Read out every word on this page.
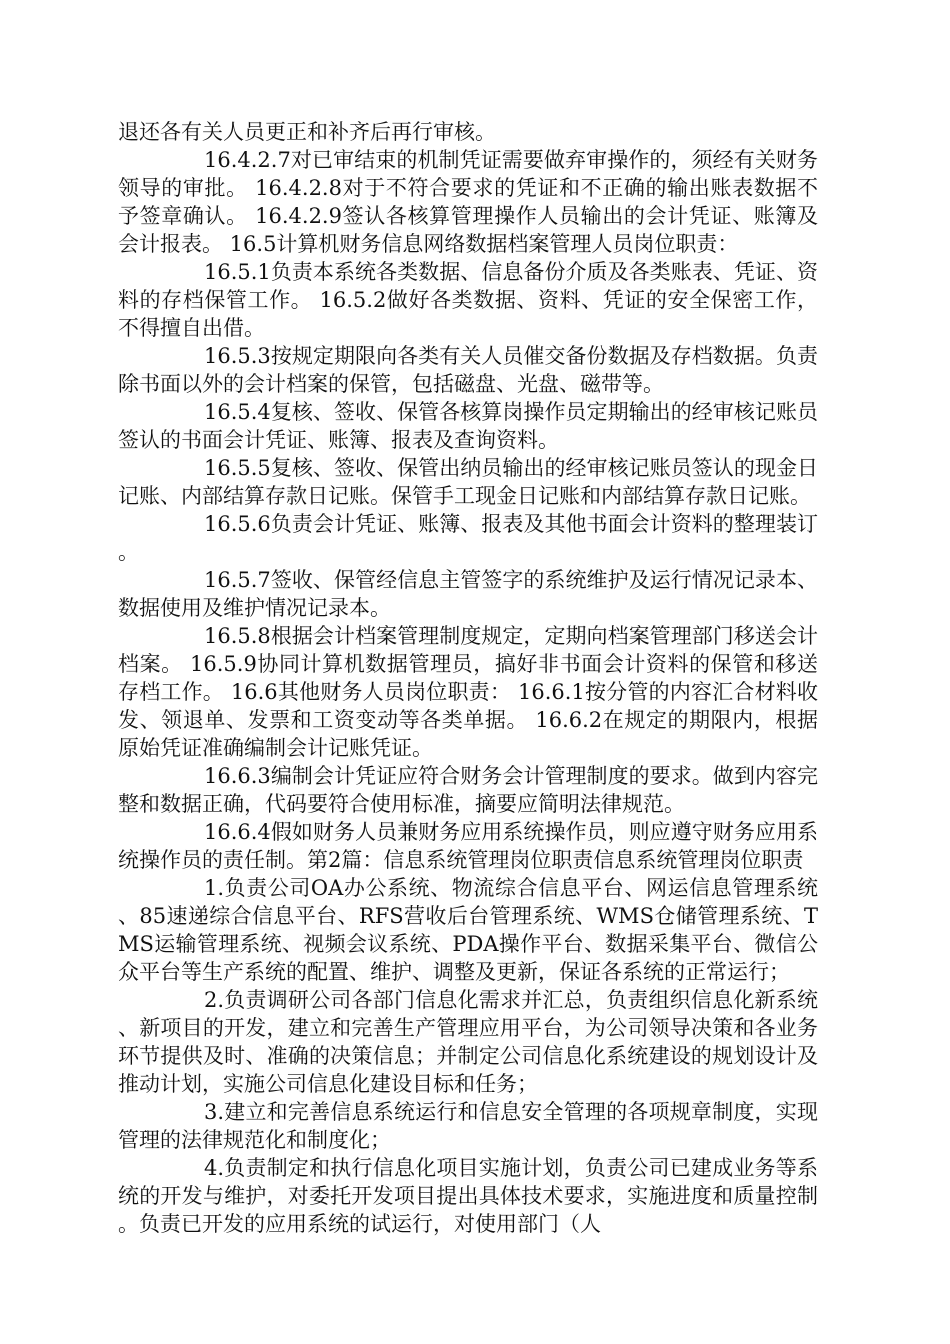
退还各有关人员更正和补齐后再行审核。

16.4.2.7对已审结束的机制凭证需要做弃审操作的，须经有关财务领导的审批。 16.4.2.8对于不符合要求的凭证和不正确的输出账表数据不予签章确认。 16.4.2.9签认各核算管理操作人员输出的会计凭证、账簿及会计报表。 16.5计算机财务信息网络数据档案管理人员岗位职责：

16.5.1负责本系统各类数据、信息备份介质及各类账表、凭证、资料的存档保管工作。 16.5.2做好各类数据、资料、凭证的安全保密工作，不得擅自出借。

16.5.3按规定期限向各类有关人员催交备份数据及存档数据。负责除书面以外的会计档案的保管，包括磁盘、光盘、磁带等。

16.5.4复核、签收、保管各核算岗操作员定期输出的经审核记账员签认的书面会计凭证、账簿、报表及查询资料。

16.5.5复核、签收、保管出纳员输出的经审核记账员签认的现金日记账、内部结算存款日记账。保管手工现金日记账和内部结算存款日记账。

16.5.6负责会计凭证、账簿、报表及其他书面会计资料的整理装订。

16.5.7签收、保管经信息主管签字的系统维护及运行情况记录本、数据使用及维护情况记录本。

16.5.8根据会计档案管理制度规定，定期向档案管理部门移送会计档案。 16.5.9协同计算机数据管理员，搞好非书面会计资料的保管和移送存档工作。 16.6其他财务人员岗位职责： 16.6.1按分管的内容汇合材料收发、领退单、发票和工资变动等各类单据。 16.6.2在规定的期限内，根据原始凭证准确编制会计记账凭证。

16.6.3编制会计凭证应符合财务会计管理制度的要求。做到内容完整和数据正确，代码要符合使用标准，摘要应简明法律规范。

16.6.4假如财务人员兼财务应用系统操作员，则应遵守财务应用系统操作员的责任制。第2篇：信息系统管理岗位职责信息系统管理岗位职责

1.负责公司OA办公系统、物流综合信息平台、网运信息管理系统、85速递综合信息平台、RFS营收后台管理系统、WMS仓储管理系统、TMS运输管理系统、视频会议系统、PDA操作平台、数据采集平台、微信公众平台等生产系统的配置、维护、调整及更新，保证各系统的正常运行；

2.负责调研公司各部门信息化需求并汇总，负责组织信息化新系统、新项目的开发，建立和完善生产管理应用平台，为公司领导决策和各业务环节提供及时、准确的决策信息；并制定公司信息化系统建设的规划设计及推动计划，实施公司信息化建设目标和任务；

3.建立和完善信息系统运行和信息安全管理的各项规章制度，实现管理的法律规范化和制度化；

4.负责制定和执行信息化项目实施计划，负责公司已建成业务等系统的开发与维护，对委托开发项目提出具体技术要求，实施进度和质量控制。负责已开发的应用系统的试运行，对使用部门（人
